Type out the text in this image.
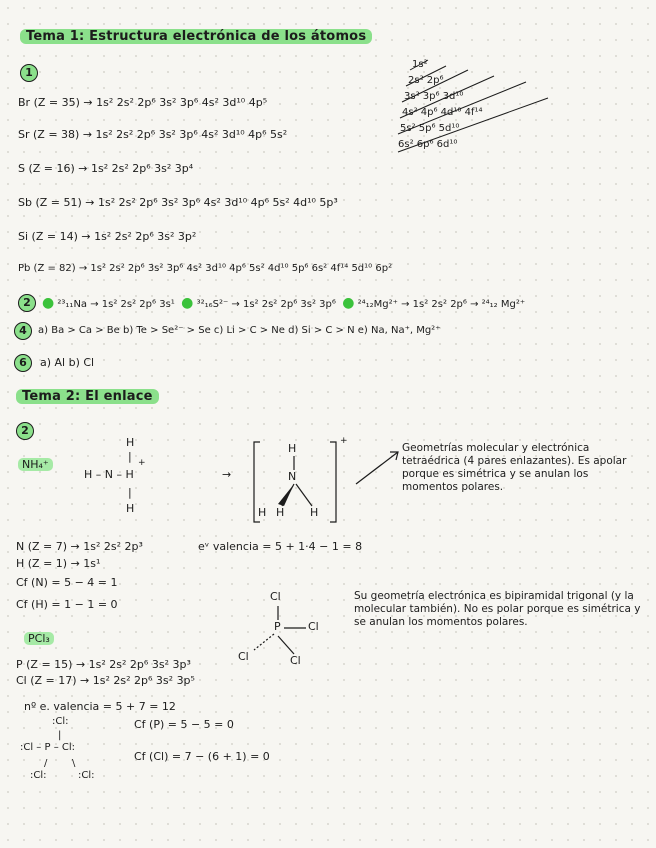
Tema 1: Estructura electrónica de los átomos
1
Br (Z = 35) → 1s² 2s² 2p⁶ 3s² 3p⁶ 4s² 3d¹⁰ 4p⁵
Sr (Z = 38) → 1s² 2s² 2p⁶ 3s² 3p⁶ 4s² 3d¹⁰ 4p⁶ 5s²
S (Z = 16) → 1s² 2s² 2p⁶ 3s² 3p⁴
Sb (Z = 51) → 1s² 2s² 2p⁶ 3s² 3p⁶ 4s² 3d¹⁰ 4p⁶ 5s² 4d¹⁰ 5p³
Si (Z = 14) → 1s² 2s² 2p⁶ 3s² 3p²
Pb (Z = 82) → 1s² 2s² 2p⁶ 3s² 3p⁶ 4s² 3d¹⁰ 4p⁶ 5s² 4d¹⁰ 5p⁶ 6s² 4f¹⁴ 5d¹⁰ 6p²
1s²
2s² 2p⁶
3s² 3p⁶ 3d¹⁰
4s² 4p⁶ 4d¹⁰ 4f¹⁴
5s² 5p⁶ 5d¹⁰
6s² 6p⁶ 6d¹⁰
2 ● ²³₁₁Na → 1s² 2s² 2p⁶ 3s¹ ● ³²₁₆S²⁻ → 1s² 2s² 2p⁶ 3s² 3p⁶ ● ²⁴₁₂Mg²⁺ → 1s² 2s² 2p⁶ → ²⁴₁₂ Mg²⁺
4	a) Ba > Ca > Be b) Te > Se²⁻ > Se c) Li > C > Ne d) Si > C > N e) Na, Na⁺, Mg²⁺
6	a) Al b) Cl
Tema 2: El enlace
2
NH₄⁺
H
|
H – N – H
+
|
H
→
H
N
H H H
+
Geometrías molecular y electrónica tetraédrica (4 pares enlazantes). Es apolar porque es simétrica y se anulan los momentos polares.
N (Z = 7) → 1s² 2s² 2p³	eᵛ valencia = 5 + 1·4 − 1 = 8
H (Z = 1) → 1s¹
Cf (N) = 5 − 4 = 1
Cf (H) = 1 − 1 = 0
PCl₃
Cl
P Cl
Cl	Cl
Su geometría electrónica es bipiramidal trigonal (y la molecular también). No es polar porque es simétrica y se anulan los momentos polares.
P (Z = 15) → 1s² 2s² 2p⁶ 3s² 3p³
Cl (Z = 17) → 1s² 2s² 2p⁶ 3s² 3p⁵
nº e. valencia = 5 + 7 = 12
:Cl:
|
:Cl – P – Cl:
/ \
:Cl:	:Cl:
Cf (P) = 5 − 5 = 0
Cf (Cl) = 7 − (6 + 1) = 0
